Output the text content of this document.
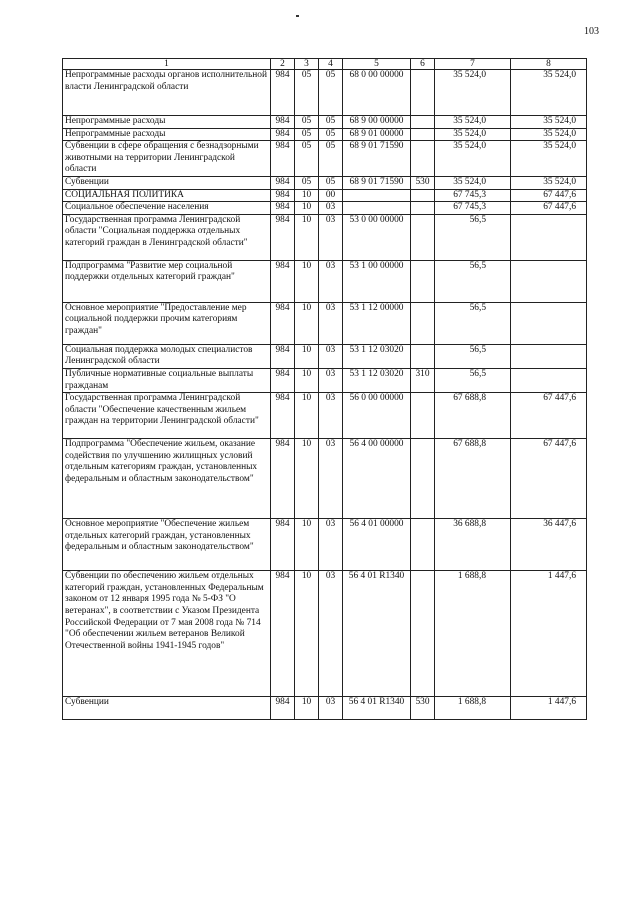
103
1	2	3	4	5	6	7	8
Непрограммные расходы органов исполнительной власти Ленинградской области	984	05	05	68 0 00 00000		35 524,0	35 524,0
Непрограммные расходы	984	05	05	68 9 00 00000		35 524,0	35 524,0
Непрограммные расходы	984	05	05	68 9 01 00000		35 524,0	35 524,0
Субвенции в сфере обращения с безнадзорными животными на территории Ленинградской области	984	05	05	68 9 01 71590		35 524,0	35 524,0
Субвенции	984	05	05	68 9 01 71590	530	35 524,0	35 524,0
СОЦИАЛЬНАЯ ПОЛИТИКА	984	10	00			67 745,3	67 447,6
Социальное обеспечение населения	984	10	03			67 745,3	67 447,6
Государственная программа Ленинградской области "Социальная поддержка отдельных категорий граждан в Ленинградской области"	984	10	03	53 0 00 00000		56,5	
Подпрограмма "Развитие мер социальной поддержки отдельных категорий граждан"	984	10	03	53 1 00 00000		56,5	
Основное мероприятие "Предоставление мер социальной поддержки прочим категориям граждан"	984	10	03	53 1 12 00000		56,5	
Социальная поддержка молодых специалистов Ленинградской области	984	10	03	53 1 12 03020		56,5	
Публичные нормативные социальные выплаты гражданам	984	10	03	53 1 12 03020	310	56,5	
Государственная программа Ленинградской области "Обеспечение качественным жильем граждан на территории Ленинградской области"	984	10	03	56 0 00 00000		67 688,8	67 447,6
Подпрограмма "Обеспечение жильем, оказание содействия по улучшению жилищных условий отдельным категориям граждан, установленных федеральным и областным законодательством"	984	10	03	56 4 00 00000		67 688,8	67 447,6
Основное мероприятие "Обеспечение жильем отдельных категорий граждан, установленных федеральным и областным законодательством"	984	10	03	56 4 01 00000		36 688,8	36 447,6
Субвенции по обеспечению жильем отдельных категорий граждан, установленных Федеральным законом от 12 января 1995 года № 5-ФЗ "О ветеранах", в соответствии с Указом Президента Российской Федерации от 7 мая 2008 года № 714 "Об обеспечении жильем ветеранов Великой Отечественной войны 1941-1945 годов"	984	10	03	56 4 01 R1340		1 688,8	1 447,6
Субвенции	984	10	03	56 4 01 R1340	530	1 688,8	1 447,6
